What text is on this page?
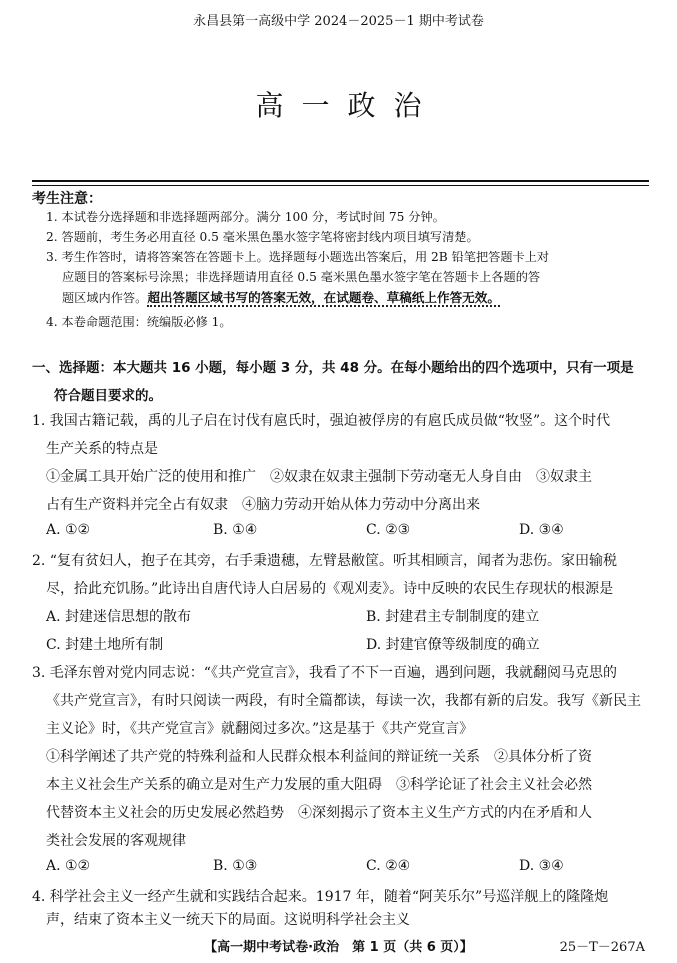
永昌县第一高级中学 2024－2025－1 期中考试卷
高一政治
考生注意：
1. 本试卷分选择题和非选择题两部分。满分 100 分，考试时间 75 分钟。
2. 答题前，考生务必用直径 0.5 毫米黑色墨水签字笔将密封线内项目填写清楚。
3. 考生作答时，请将答案答在答题卡上。选择题每小题选出答案后，用 2B 铅笔把答题卡上对
应题目的答案标号涂黑；非选择题请用直径 0.5 毫米黑色墨水签字笔在答题卡上各题的答
题区域内作答。超出答题区域书写的答案无效，在试题卷、草稿纸上作答无效。
4. 本卷命题范围：统编版必修 1。
一、选择题：本大题共 16 小题，每小题 3 分，共 48 分。在每小题给出的四个选项中，只有一项是
符合题目要求的。
1. 我国古籍记载，禹的儿子启在讨伐有扈氏时，强迫被俘房的有扈氏成员做“牧竖”。这个时代
生产关系的特点是
①金属工具开始广泛的使用和推广　②奴隶在奴隶主强制下劳动毫无人身自由　③奴隶主
占有生产资料并完全占有奴隶　④脑力劳动开始从体力劳动中分离出来
A. ①②	B. ①④	C. ②③	D. ③④
2. “复有贫妇人，抱子在其旁，右手秉遗穗，左臂悬敝筐。听其相顾言，闻者为悲伤。家田输税
尽，拾此充饥肠。”此诗出自唐代诗人白居易的《观刈麦》。诗中反映的农民生存现状的根源是
A. 封建迷信思想的散布	B. 封建君主专制制度的建立
C. 封建土地所有制	D. 封建官僚等级制度的确立
3. 毛泽东曾对党内同志说：“《共产党宣言》，我看了不下一百遍，遇到问题，我就翻阅马克思的
《共产党宣言》，有时只阅读一两段，有时全篇都读，每读一次，我都有新的启发。我写《新民主
主义论》时，《共产党宣言》就翻阅过多次。”这是基于《共产党宣言》
①科学阐述了共产党的特殊利益和人民群众根本利益间的辩证统一关系　②具体分析了资
本主义社会生产关系的确立是对生产力发展的重大阻碍　③科学论证了社会主义社会必然
代替资本主义社会的历史发展必然趋势　④深刻揭示了资本主义生产方式的内在矛盾和人
类社会发展的客观规律
A. ①②	B. ①③	C. ②④	D. ③④
4. 科学社会主义一经产生就和实践结合起来。1917 年，随着“阿芙乐尔”号巡洋舰上的隆隆炮
声，结束了资本主义一统天下的局面。这说明科学社会主义
【高一期中考试卷·政治　第 1 页（共 6 页）】	25－T－267A
